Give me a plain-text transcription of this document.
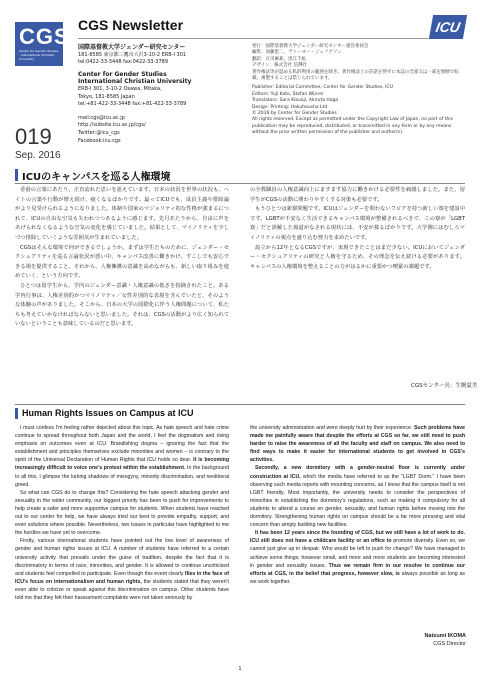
CGS
Center for Gender Studies · International Christian University
019
Sep. 2016
CGS Newsletter	ICU
国際基督教大学ジェンダー研究センター
181-8585 東京都三鷹市大沢3-10-2 ERB-I 301
tel:0422-33-3448 fax:0422-33-3789
Center for Gender Studies
International Christian University
ERB-I 301, 3-10-2 Osawa, Mitaka,
Tokyo, 181-8585 Japan
tel:+81-422-33-3448 fax:+81-422-33-3789
mail:cgs@icu.ac.jp
http://subsite.icu.ac.jp/cgs/
Twitter:@icu_cgs
Facebook:icu.cgs
発行：国際基督教大学ジェンダー研究センター運営委員会
編集：加藤恵二、ヴァーヨー・ジェフアソン
翻訳：庄司麻莉、黒江千紘
デザイン：株式会社 信輝社
著作権法等が認める私的利用の範囲を除き、著作権法上の許諾を得ずに本誌の全部又は一部を無断で転載、複製することは禁じられています。
Publisher: Editorial Committee, Center for Gender Studies, ICU
Editors: Yuji Kato, Stefan Würrer
Translators: Sara Kikuoji, Akiruta Haga
Design: Printing: Hakuhousha Ltd
© 2016 by Center for Gender Studies
All rights reserved. Except as permitted under the Copyright Law of Japan, no part of this publication may be reproduced, distributed, or transmitted in any form or by any means without the prior written permission of the publisher and author(s).
ICUのキャンパスを巡る人権環境

香港の言葉にあたり、正直流れた思いを語えています。日本の状況を世界の状況も、ヘイトの言葉や行動が增え続け、疲くなるばかりです。最ってICUでも、成員主義や排除論がより見受けられるようになりました。体制や国家のマジョリティ的な性格が強まるにつれて、ICUの自由な空気も失われつつあるように感じます。先月あたりから、自由に声をあげられなくなるような空気の変化を感じていました。結果として、マイノリティを少しづつ排除していくような雰囲気が生まれていました。

CGSはそんな環境で何ができるでしょうか。まずは学生たちのために、ジェンダー・セクシュアリティを巡る言論状況が悪い中、キャンパス改善に働きかけ、すこしでも安心できる場を提供すること。それから、人権擁護の意識を高めながらも、新しい取り組みを進めていく、という方向です。

ひとつは留学生から、学内のジェンダー意識・人権意識の低さを指摘されたこと。ある学内行事は、人権差別的かつマイノリティ／女性差別的な表現を含んでいたと、そのような体験の声がありました。そこから、日本の大学の国際化に伴う人権問題について、私たちも考えていかなければならないと思いました。それは、CGSの活動がより広く知られていないということも意味しているのだと思います。

の全教職員の人権意識向上にますます協力に働きかける必要性を痛感しました。また、留学生がCGSの活動に関わりやすくする対策も必要です。

もうひとつは新寮問題です。ICUはジェンダーを問わないフロアを持つ新しい寮を建設中です。LGBTが不安なく生活できるキャンパス環境が整備されるべきで、この寮が「LGBT寮」だと誤解した報道がなされる現状には、不安が募るばかりです。大学側にはむしろマイノリティの視点を盛り込む努力を求めたいです。

設立から12年となるCGSですが、実現できたことはまだ少ない。ICUにおいてジェンダー・セクシュアリティの研究と人権を守るため、その理念を伝え続ける必要があります。キャンパスの人権環境を整えることの力がはるかに重要かつ喫緊の課題です。

CGSセンター長：生駒夏美
Human Rights Issues on Campus at ICU

I must confess I'm feeling rather dejected about this topic. As hate speech and hate crime continue to spread throughout both Japan and the world, I feel the dogmatism and rising emphasis on outcomes even at ICU. Brandishing dogma – ignoring the fact that the establishment and principles themselves exclude minorities and women – is contrary to the spirit of the Universal Declaration of Human Rights that ICU holds so dear. It is becoming increasingly difficult to voice one's protest within the establishment. In the background to all this, I glimpse the lurking shadows of misogyny, minority discrimination, and neoliberal greed.

So what can CGS do to change this? Considering the hate speech attacking gender and sexuality in the wider community, our biggest priority has been to push for improvements to help create a safer and more supportive campus for students. When students have reached out to our center for help, we have always tried our best to provide empathy, support, and even solutions where possible. Nevertheless, two issues in particular have highlighted to me the hurdles we have yet to overcome.

Firstly, various international students have pointed out the low level of awareness of gender and human rights issues at ICU. A number of students have referred to a certain university activity that prevails under the guise of tradition, despite the fact that it is discriminatory in terms of race, minorities, and gender. It is allowed to continue uncriticized and students feel compelled to participate. Even though this event clearly flies in the face of ICU's focus on internationalism and human rights, the students stated that they weren't even able to criticize or speak against this discrimination on campus. Other students have told me that they felt their harassment complaints were not taken seriously by

the university administration and were deeply hurt by their experience. Such problems have made me painfully aware that despite the efforts at CGS so far, we still need to push harder to raise the awareness of all the faculty and staff on campus. We also need to find ways to make it easier for international students to get involved in CGS's activities.

Secondly, a new dormitory with a gender-neutral floor is currently under construction at ICU, which the media have referred to as the "LGBT Dorm." I have been observing such media reports with mounting concerns, as I know that the campus itself is not LGBT friendly. Most importantly, the university needs to consider the perspectives of minorities in establishing the dormitory's regulations, such as making it compulsory for all students to attend a course on gender, sexuality, and human rights before moving into the dormitory. Strengthening human rights on campus should be a far more pressing and vital concern than simply building new facilities.

It has been 12 years since the founding of CGS, but we still have a lot of work to do. ICU still does not have a childcare facility or an office to promote diversity. Even so, we cannot just give up in despair. Who would be left to push for change? We have managed to achieve some things, however small, and more and more students are becoming interested in gender and sexuality issues. Thus we remain firm in our resolve to continue our efforts at CGS, in the belief that progress, however slow, is always possible as long as we work together.

Natsumi IKOMA
CGS Director
1
